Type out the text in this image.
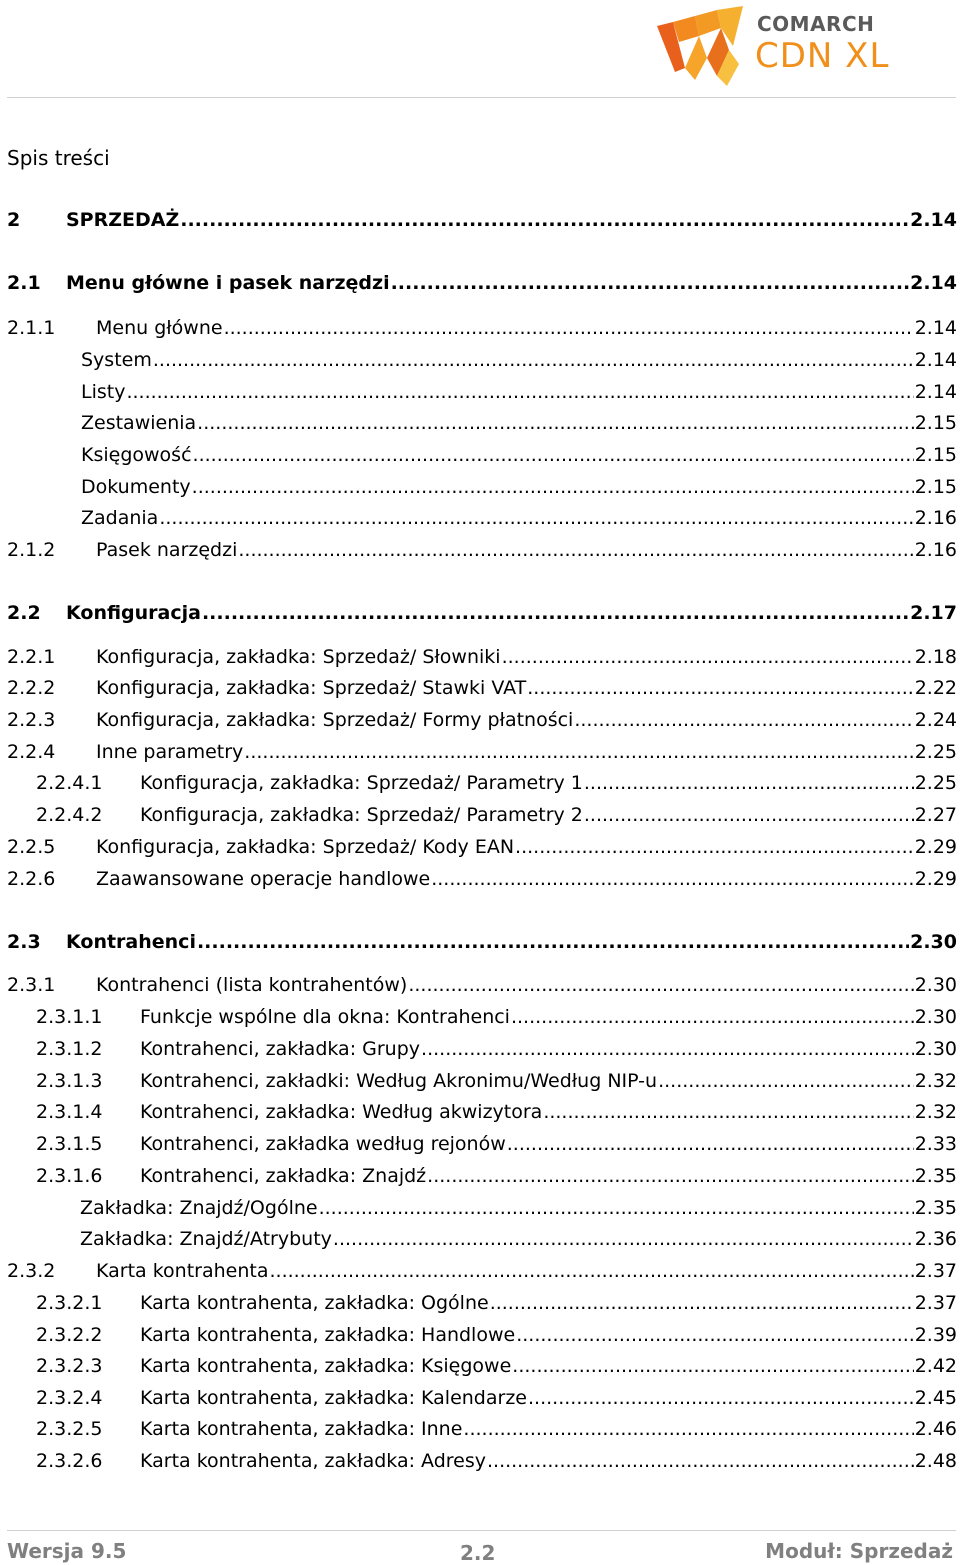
COMARCH
CDN XL
Spis treści
2 SPRZEDAŻ .....	2.14
2.1 Menu główne i pasek narzędzi .....	2.14
2.1.1 Menu główne .....	2.14
System .....	2.14
Listy .....	2.14
Zestawienia .....	2.15
Księgowość .....	2.15
Dokumenty .....	2.15
Zadania .....	2.16
2.1.2 Pasek narzędzi .....	2.16
2.2 Konfiguracja .....	2.17
2.2.1 Konfiguracja, zakładka: Sprzedaż/ Słowniki .....	2.18
2.2.2 Konfiguracja, zakładka: Sprzedaż/ Stawki VAT .....	2.22
2.2.3 Konfiguracja, zakładka: Sprzedaż/ Formy płatności .....	2.24
2.2.4 Inne parametry .....	2.25
2.2.4.1 Konfiguracja, zakładka: Sprzedaż/ Parametry 1 .....	2.25
2.2.4.2 Konfiguracja, zakładka: Sprzedaż/ Parametry 2 .....	2.27
2.2.5 Konfiguracja, zakładka: Sprzedaż/ Kody EAN .....	2.29
2.2.6 Zaawansowane operacje handlowe .....	2.29
2.3 Kontrahenci .....	2.30
2.3.1 Kontrahenci (lista kontrahentów) .....	2.30
2.3.1.1 Funkcje wspólne dla okna: Kontrahenci .....	2.30
2.3.1.2 Kontrahenci, zakładka: Grupy .....	2.30
2.3.1.3 Kontrahenci, zakładki: Według Akronimu/Według NIP-u .....	2.32
2.3.1.4 Kontrahenci, zakładka: Według akwizytora .....	2.32
2.3.1.5 Kontrahenci, zakładka według rejonów .....	2.33
2.3.1.6 Kontrahenci, zakładka: Znajdź .....	2.35
Zakładka: Znajdź/Ogólne .....	2.35
Zakładka: Znajdź/Atrybuty .....	2.36
2.3.2 Karta kontrahenta .....	2.37
2.3.2.1 Karta kontrahenta, zakładka: Ogólne .....	2.37
2.3.2.2 Karta kontrahenta, zakładka: Handlowe .....	2.39
2.3.2.3 Karta kontrahenta, zakładka: Księgowe .....	2.42
2.3.2.4 Karta kontrahenta, zakładka: Kalendarze .....	2.45
2.3.2.5 Karta kontrahenta, zakładka: Inne .....	2.46
2.3.2.6 Karta kontrahenta, zakładka: Adresy .....	2.48
Wersja 9.5	2.2	Moduł: Sprzedaż
